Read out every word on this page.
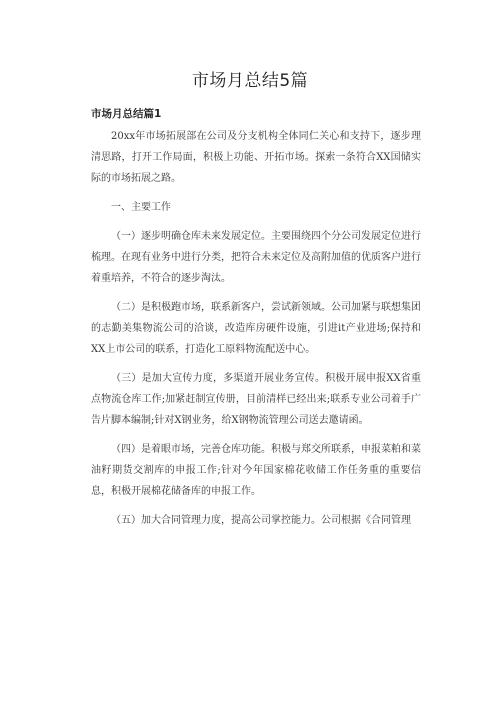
市场月总结5篇
市场月总结篇1

20xx年市场拓展部在公司及分支机构全体同仁关心和支持下，逐步理清思路，打开工作局面，积极上功能、开拓市场。探索一条符合XX国储实际的市场拓展之路。

一、主要工作

（一）逐步明确仓库未来发展定位。主要围绕四个分公司发展定位进行梳理。在现有业务中进行分类，把符合未来定位及高附加值的优质客户进行着重培养，不符合的逐步淘汰。

（二）是积极跑市场，联系新客户，尝试新领域。公司加紧与联想集团的志勤美集物流公司的洽谈，改造库房硬件设施，引进it产业进场;保持和XX上市公司的联系，打造化工原料物流配送中心。

（三）是加大宣传力度，多渠道开展业务宣传。积极开展申报XX省重点物流仓库工作;加紧赶制宣传册，目前清样已经出来;联系专业公司着手广告片脚本编制;针对X钢业务，给X钢物流管理公司送去邀请函。

（四）是着眼市场，完善仓库功能。积极与郑交所联系，申报菜粕和菜油籽期货交割库的申报工作;针对今年国家棉花收储工作任务重的重要信息，积极开展棉花储备库的申报工作。

（五）加大合同管理力度，提高公司掌控能力。公司根据《合同管理
